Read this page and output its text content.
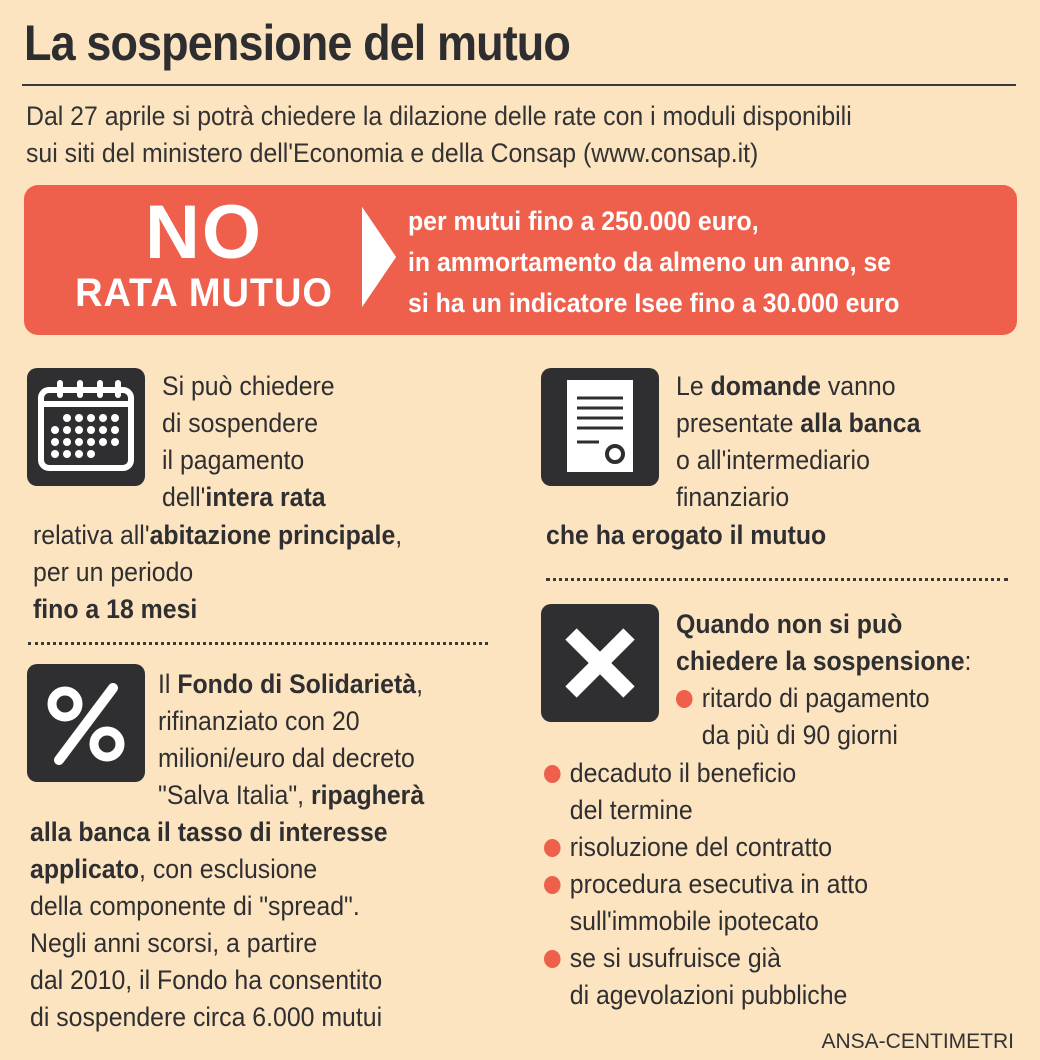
La sospensione del mutuo
Dal 27 aprile si potrà chiedere la dilazione delle rate con i moduli disponibili
sui siti del ministero dell'Economia e della Consap (www.consap.it)
NO
RATA MUTUO
per mutui fino a 250.000 euro,
in ammortamento da almeno un anno, se
si ha un indicatore Isee fino a 30.000 euro
Si può chiedere
di sospendere
il pagamento
dell'intera rata
relativa all'abitazione principale,
per un periodo
fino a 18 mesi
Il Fondo di Solidarietà,
rifinanziato con 20
milioni/euro dal decreto
"Salva Italia", ripagherà
alla banca il tasso di interesse
applicato, con esclusione
della componente di "spread".
Negli anni scorsi, a partire
dal 2010, il Fondo ha consentito
di sospendere circa 6.000 mutui
Le domande vanno
presentate alla banca
o all'intermediario
finanziario
che ha erogato il mutuo
Quando non si può
chiedere la sospensione:
ritardo di pagamento
da più di 90 giorni
decaduto il beneficio
del termine
risoluzione del contratto
procedura esecutiva in atto
sull'immobile ipotecato
se si usufruisce già
di agevolazioni pubbliche
ANSA-CENTIMETRI
